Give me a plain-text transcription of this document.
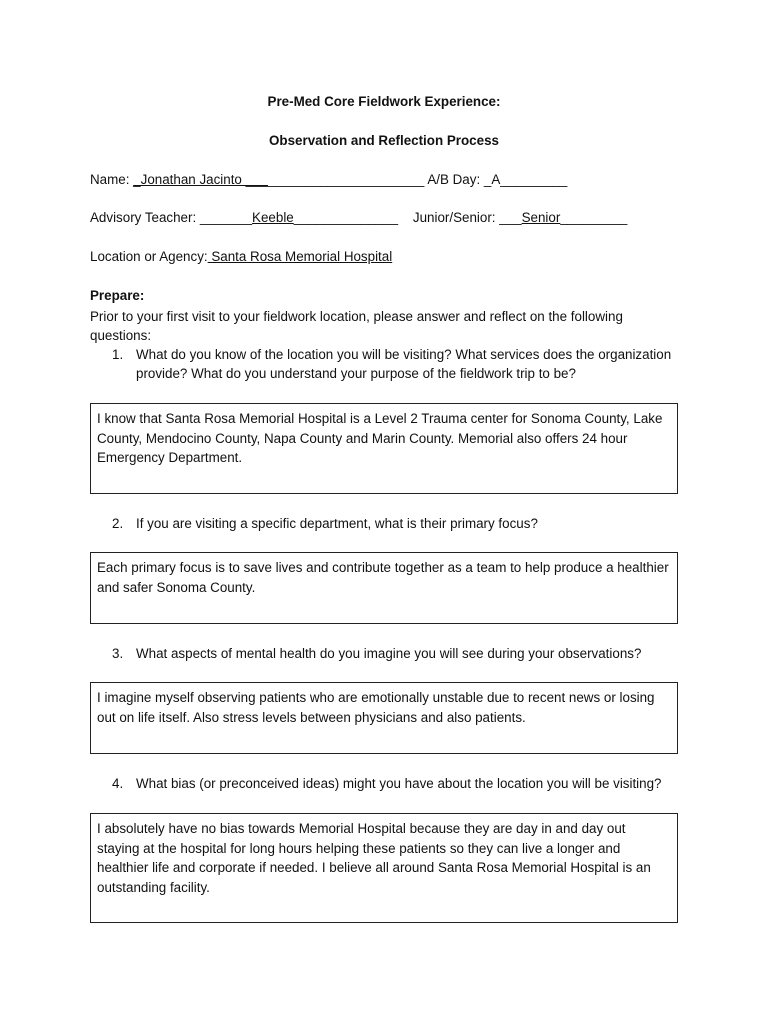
Pre-Med Core Fieldwork Experience:
Observation and Reflection Process
Name: _Jonathan Jacinto ________________________ A/B Day: _A_________
Advisory Teacher: _______Keeble______________ Junior/Senior: ___Senior_________
Location or Agency: Santa Rosa Memorial Hospital
Prepare:
Prior to your first visit to your fieldwork location, please answer and reflect on the following questions:
1. What do you know of the location you will be visiting? What services does the organization provide? What do you understand your purpose of the fieldwork trip to be?
I know that Santa Rosa Memorial Hospital is a Level 2 Trauma center for Sonoma County, Lake County, Mendocino County, Napa County and Marin County. Memorial also offers 24 hour Emergency Department.
2. If you are visiting a specific department, what is their primary focus?
Each primary focus is to save lives and contribute together as a team to help produce a healthier and safer Sonoma County.
3. What aspects of mental health do you imagine you will see during your observations?
I imagine myself observing patients who are emotionally unstable due to recent news or losing out on life itself. Also stress levels between physicians and also patients.
4. What bias (or preconceived ideas) might you have about the location you will be visiting?
I absolutely have no bias towards Memorial Hospital because they are day in and day out staying at the hospital for long hours helping these patients so they can live a longer and healthier life and corporate if needed. I believe all around Santa Rosa Memorial Hospital is an outstanding facility.
